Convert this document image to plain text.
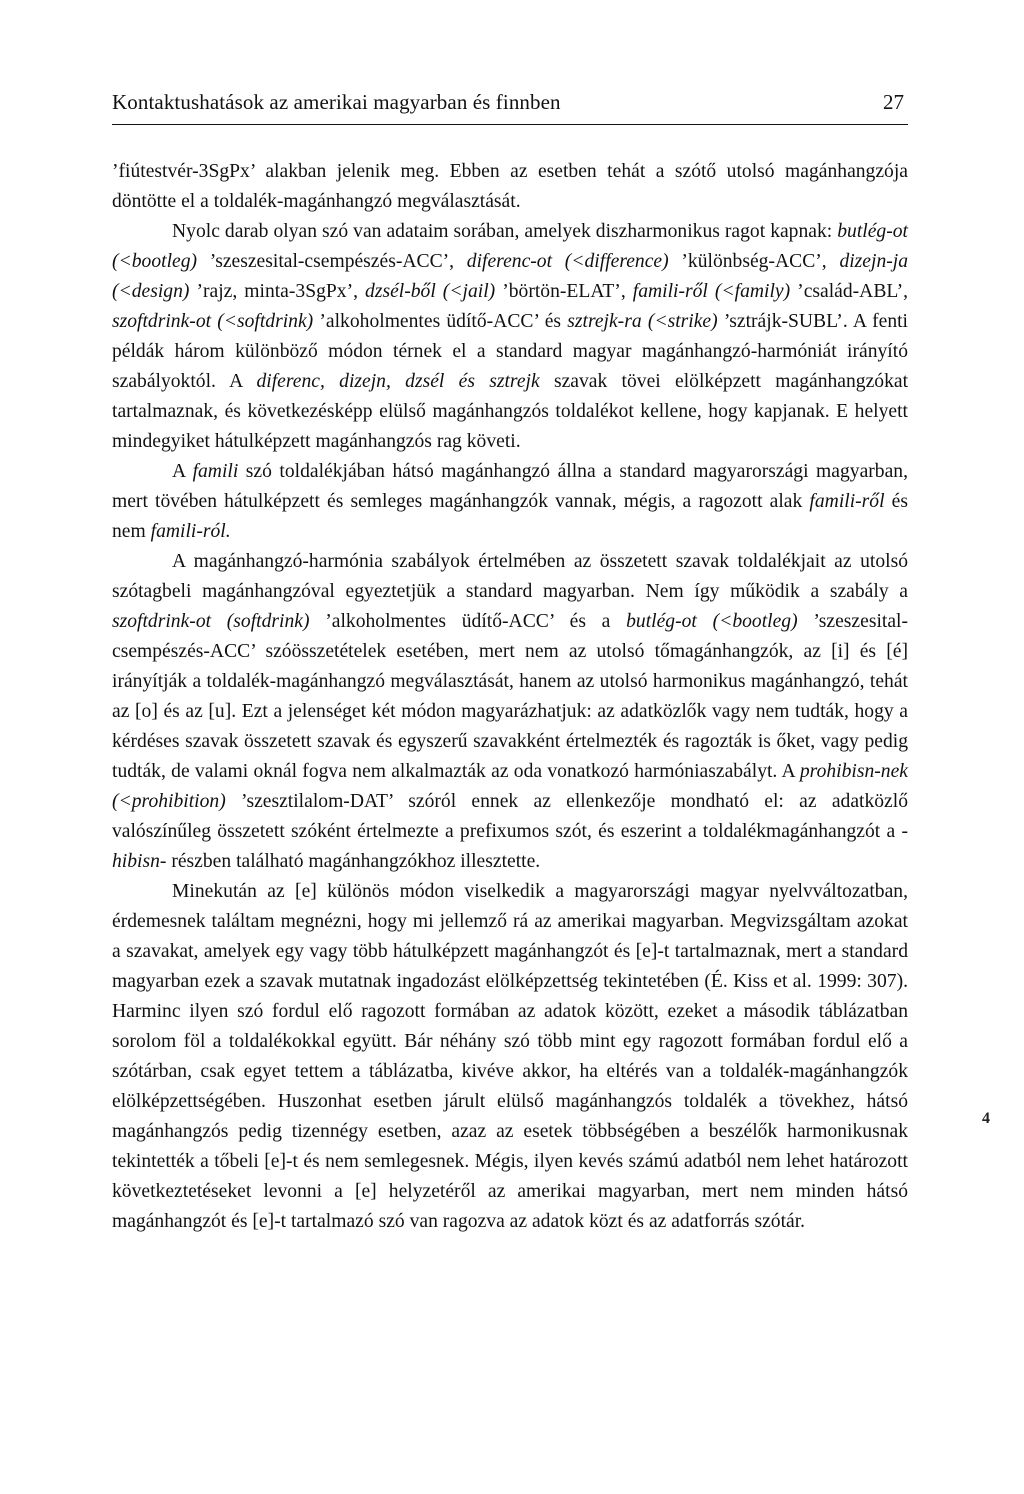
Kontaktushatások az amerikai magyarban és finnben	27

’fiútestvér-3SgPx’ alakban jelenik meg. Ebben az esetben tehát a szótő utolsó magánhangzója döntötte el a toldalék-magánhangzó megválasztását.

Nyolc darab olyan szó van adataim sorában, amelyek diszharmonikus ragot kapnak: butlég-ot (<bootleg) ’szeszesital-csempészés-ACC’, diferenc-ot (<difference) ’különbség-ACC’, dizejn-ja (<design) ’rajz, minta-3SgPx’, dzsél-ből (<jail) ’börtön-ELAT’, famili-ről (<family) ’család-ABL’, szoftdrink-ot (<softdrink) ’alkoholmentes üdítő-ACC’ és sztrejk-ra (<strike) ’sztrájk-SUBL’. A fenti példák három különböző módon térnek el a standard magyar magánhangzó-harmóniát irányító szabályoktól. A diferenc, dizejn, dzsél és sztrejk szavak tövei elölképzett magánhangzókat tartalmaznak, és következésképp elülső magánhangzós toldalékot kellene, hogy kapjanak. E helyett mindegyiket hátulképzett magánhangzós rag követi.

A famili szó toldalékjában hátsó magánhangzó állna a standard magyarországi magyarban, mert tövében hátulképzett és semleges magánhangzók vannak, mégis, a ragozott alak famili-ről és nem famili-ról.

A magánhangzó-harmónia szabályok értelmében az összetett szavak toldalékjait az utolsó szótagbeli magánhangzóval egyeztetjük a standard magyarban. Nem így működik a szabály a szoftdrink-ot (softdrink) ’alkoholmentes üdítő-ACC’ és a butlég-ot (<bootleg) ’szeszesital-csempészés-ACC’ szóösszetételek esetében, mert nem az utolsó tőmagánhangzók, az [i] és [é] irányítják a toldalék-magánhangzó megválasztását, hanem az utolsó harmonikus magánhangzó, tehát az [o] és az [u]. Ezt a jelenséget két módon magyarázhatjuk: az adatközlők vagy nem tudták, hogy a kérdéses szavak összetett szavak és egyszerű szavakként értelmezték és ragozták is őket, vagy pedig tudták, de valami oknál fogva nem alkalmazták az oda vonatkozó harmóniaszabályt. A prohibisn-nek (<prohibition) ’szesztilalom-DAT’ szóról ennek az ellenkezője mondható el: az adatközlő valószínűleg összetett szóként értelmezte a prefixumos szót, és eszerint a toldalékmagánhangzót a -hibisn- részben található magánhangzókhoz illesztette.

Minekután az [e] különös módon viselkedik a magyarországi magyar nyelvváltozatban, érdemesnek találtam megnézni, hogy mi jellemző rá az amerikai magyarban. Megvizsgáltam azokat a szavakat, amelyek egy vagy több hátulképzett magánhangzót és [e]-t tartalmaznak, mert a standard magyarban ezek a szavak mutatnak ingadozást elölképzettség tekintetében (É. Kiss et al. 1999: 307). Harminc ilyen szó fordul elő ragozott formában az adatok között, ezeket a második táblázatban sorolom föl a toldalékokkal együtt. Bár néhány szó több mint egy ragozott formában fordul elő a szótárban, csak egyet tettem a táblázatba, kivéve akkor, ha eltérés van a toldalék-magánhangzók elölképzettségében. Huszonhat esetben járult elülső magánhangzós toldalék a tövekhez, hátsó magánhangzós pedig tizennégy esetben, azaz az esetek többségében a beszélők harmonikusnak tekintették a tőbeli [e]-t és nem semlegesnek. Mégis, ilyen kevés számú adatból nem lehet határozott következtetéseket levonni a [e] helyzetéről az amerikai magyarban, mert nem minden hátsó magánhangzót és [e]-t tartalmazó szó van ragozva az adatok közt és az adatforrás szótár.

4
